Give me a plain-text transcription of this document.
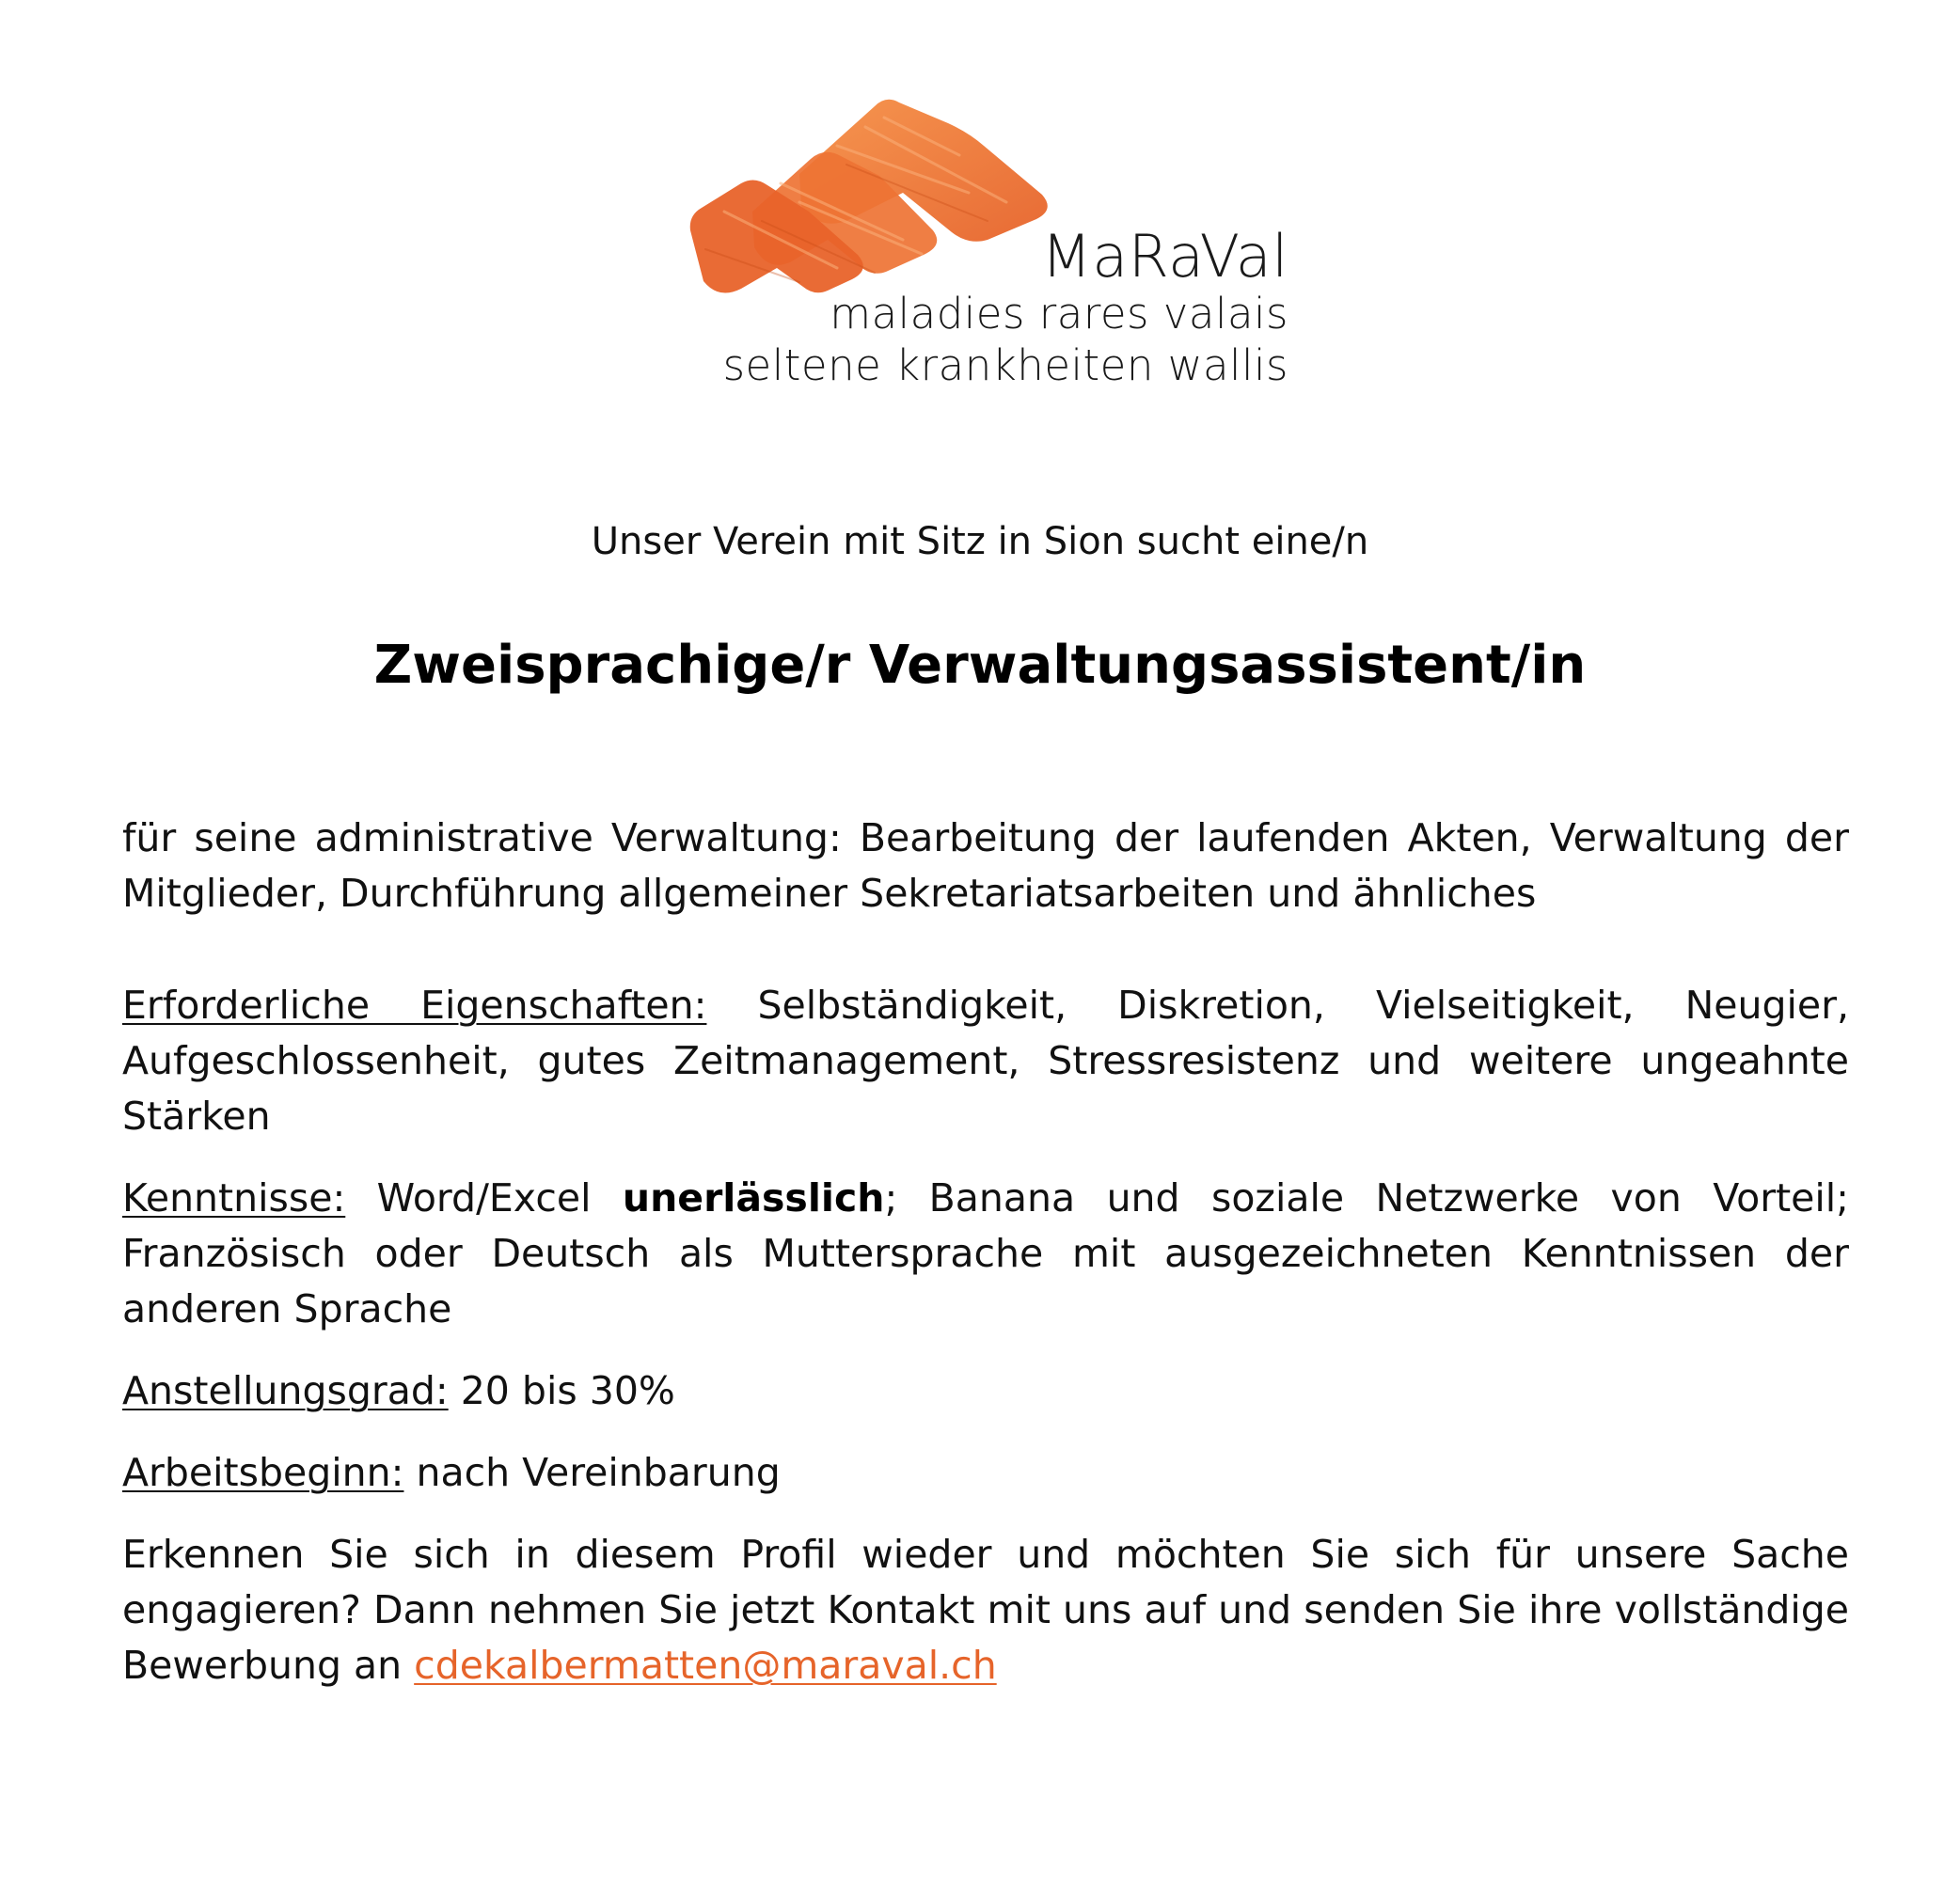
MaRaVal
maladies rares valais
seltene krankheiten wallis
Unser Verein mit Sitz in Sion sucht eine/n
Zweisprachige/r Verwaltungsassistent/in

für seine administrative Verwaltung: Bearbeitung der laufenden Akten, Verwaltung der Mitglieder, Durchführung allgemeiner Sekretariatsarbeiten und ähnliches

Erforderliche Eigenschaften: Selbständigkeit, Diskretion, Vielseitigkeit, Neugier, Aufgeschlossenheit, gutes Zeitmanagement, Stressresistenz und weitere ungeahnte Stärken

Kenntnisse: Word/Excel unerlässlich; Banana und soziale Netzwerke von Vorteil; Französisch oder Deutsch als Muttersprache mit ausgezeichneten Kenntnissen der anderen Sprache

Anstellungsgrad: 20 bis 30%

Arbeitsbeginn: nach Vereinbarung

Erkennen Sie sich in diesem Profil wieder und möchten Sie sich für unsere Sache engagieren? Dann nehmen Sie jetzt Kontakt mit uns auf und senden Sie ihre vollständige Bewerbung an cdekalbermatten@maraval.ch
